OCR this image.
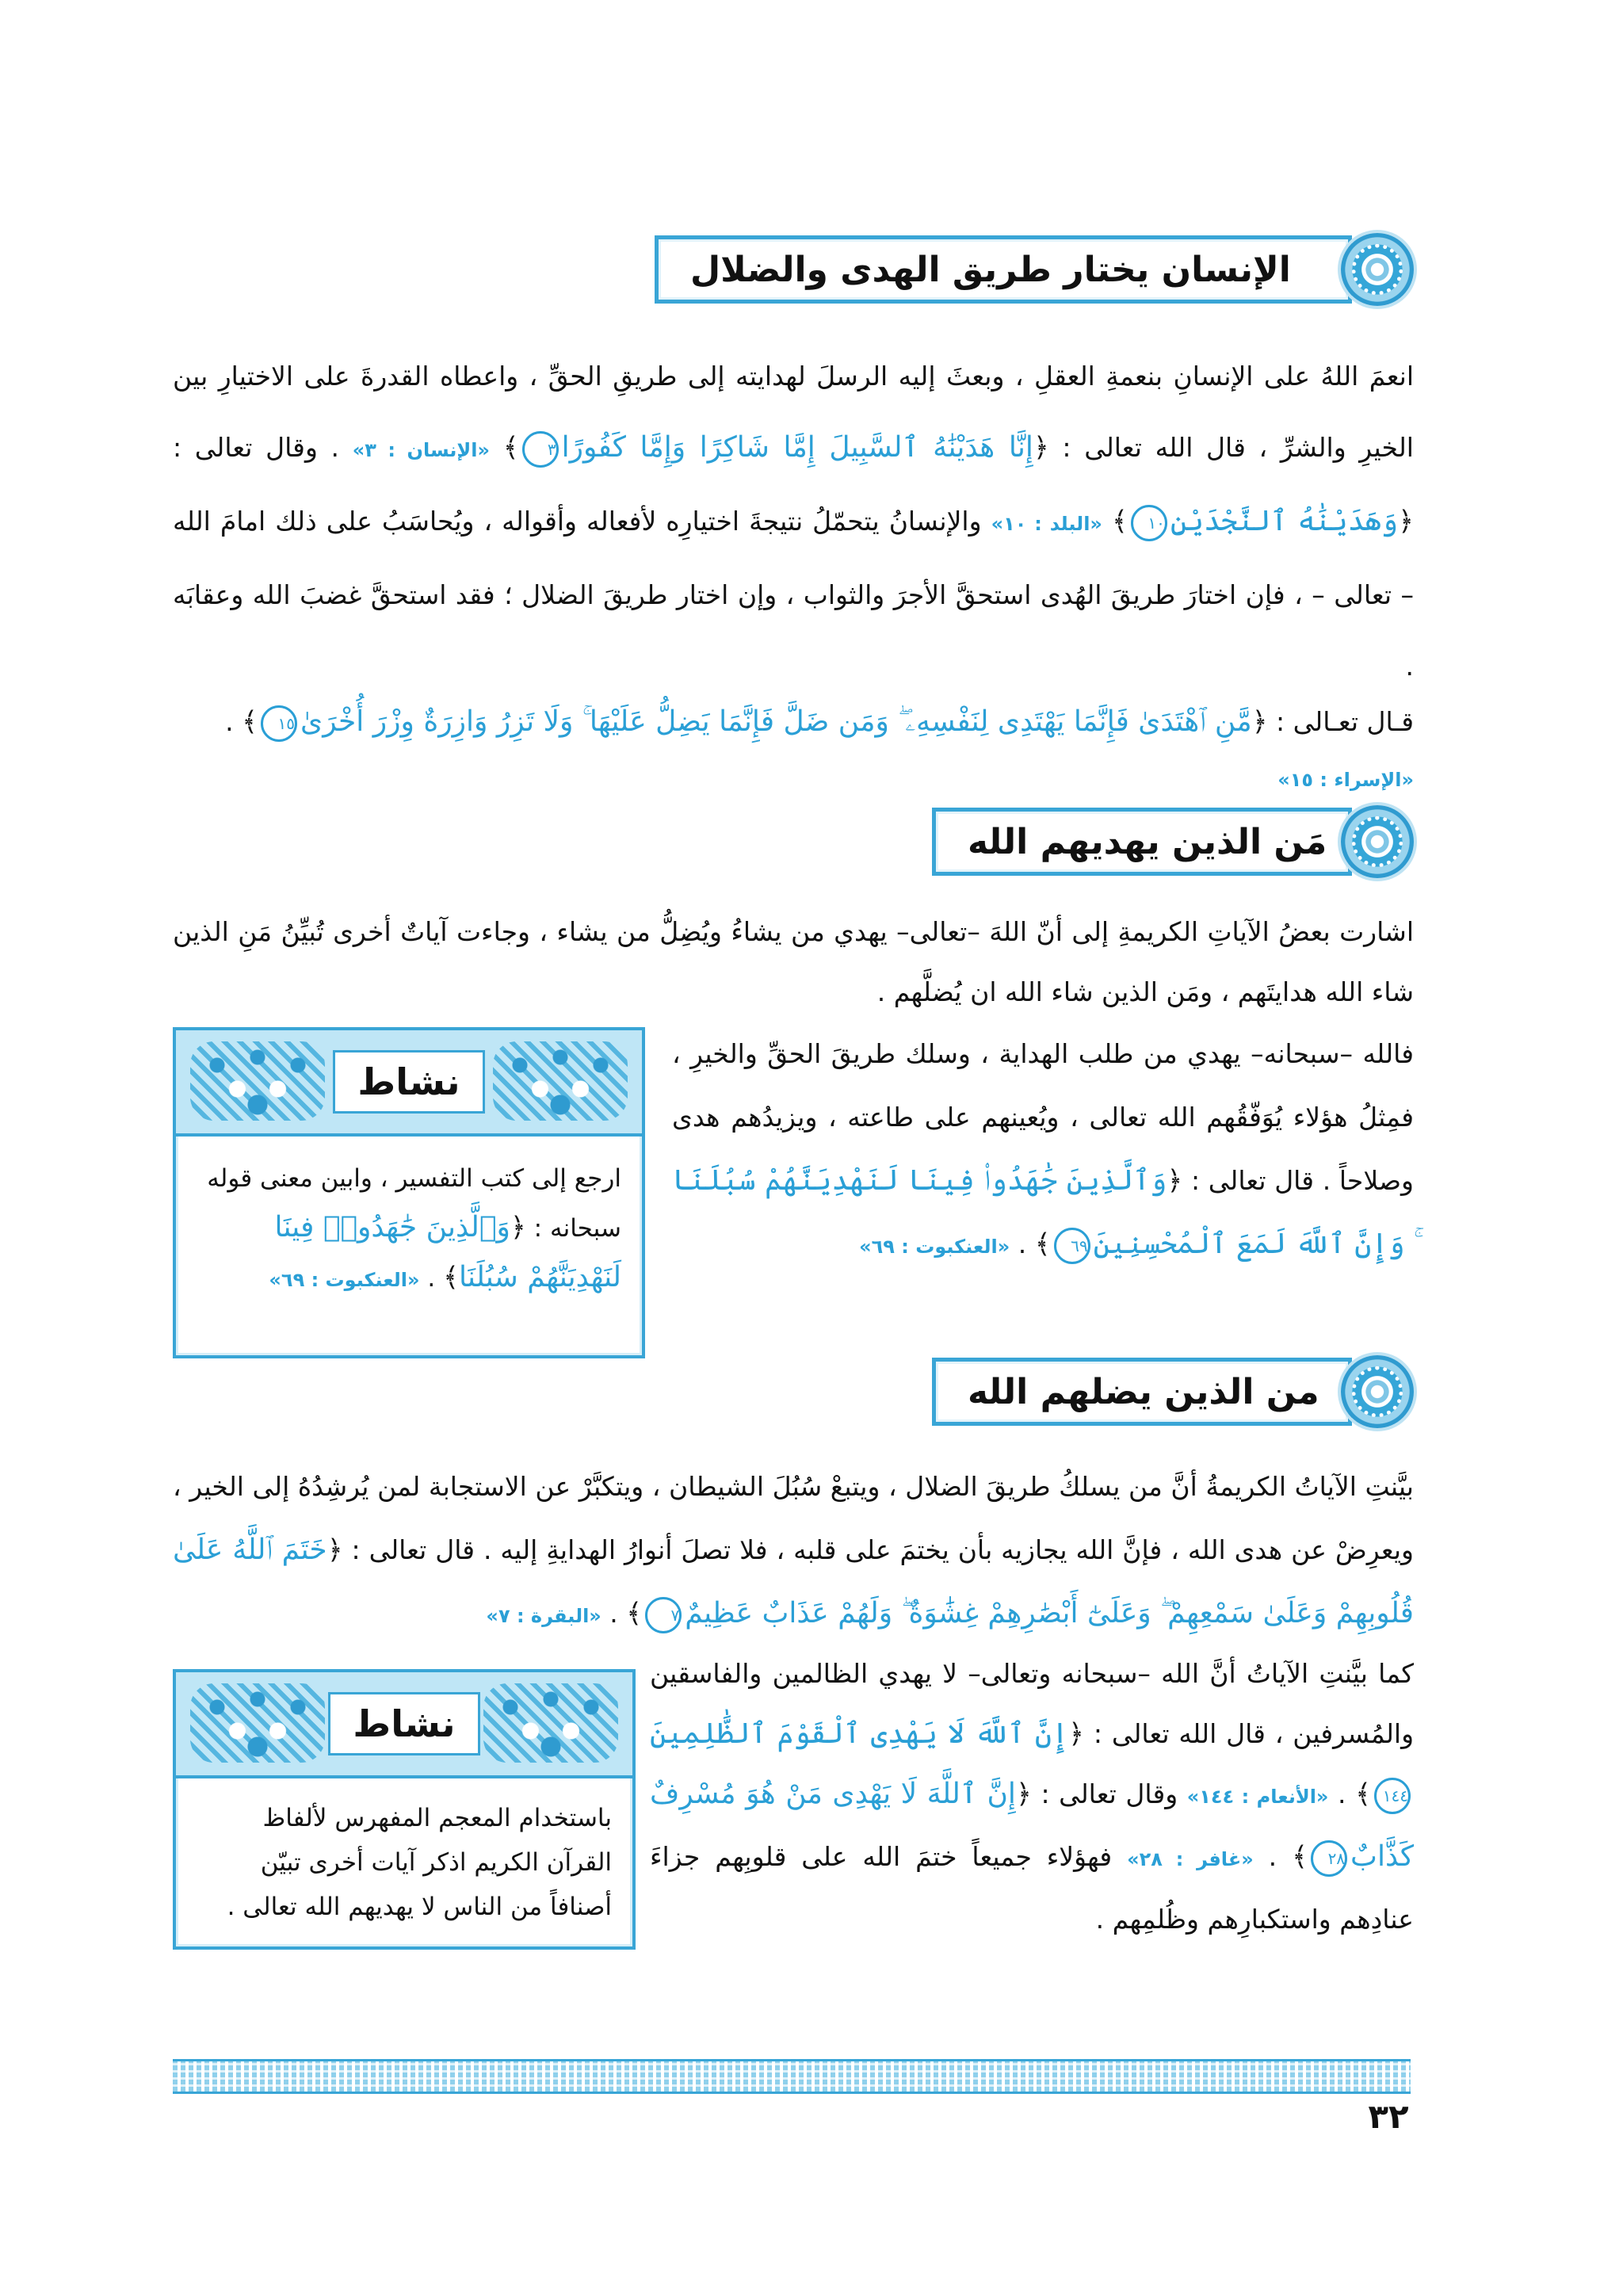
الإنسان يختار طريق الهدى والضلال
انعمَ اللهُ على الإنسانِ بنعمةِ العقلِ ، وبعثَ إليه الرسلَ لهدايته إلى طريقِ الحقِّ ، واعطاه القدرةَ على الاختيارِ بين الخيرِ والشرِّ ، قال الله تعالى : ﴿إِنَّا هَدَيْنَٰهُ ٱلسَّبِيلَ إِمَّا شَاكِرًا وَإِمَّا كَفُورًا٣﴾ «الإنسان : ٣» . وقال تعالى : ﴿وَهَدَيْنَٰهُ ٱلنَّجْدَيْنِ١٠﴾ «البلد : ١٠» والإنسانُ يتحمّلُ نتيجةَ اختيارِه لأفعاله وأقواله ، ويُحاسَبُ على ذلك امامَ الله – تعالى – ، فإن اختارَ طريقَ الهُدى استحقَّ الأجرَ والثواب ، وإن اختار طريقَ الضلال ؛ فقد استحقَّ غضبَ الله وعقابَه .
قـال تعـالى : ﴿مَّنِ ٱهْتَدَىٰ فَإِنَّمَا يَهْتَدِى لِنَفْسِهِۦ ۖ وَمَن ضَلَّ فَإِنَّمَا يَضِلُّ عَلَيْهَا ۚ وَلَا تَزِرُ وَازِرَةٌ وِزْرَ أُخْرَىٰ١٥﴾ .
«الإسراء : ١٥»
مَن الذين يهديهم الله
اشارت بعضُ الآياتِ الكريمةِ إلى أنّ اللهَ –تعالى– يهدي من يشاءُ ويُضِلُّ من يشاء ، وجاءت آياتٌ أخرى تُبيِّنُ مَنِ الذين شاء الله هدايتَهم ، ومَن الذين شاء الله ان يُضلَّهم .
فالله –سبحانه– يهدي من طلب الهداية ، وسلك طريقَ الحقِّ والخيرِ ، فمِثلُ هؤلاء يُوَفّقُهم الله تعالى ، ويُعينهم على طاعته ، ويزيدُهم هدى وصلاحاً . قال تعالى : ﴿وَٱلَّذِينَ جَٰهَدُوا۟ فِينَا لَنَهْدِيَنَّهُمْ سُبُلَنَا ۚ وَإِنَّ ٱللَّهَ لَمَعَ ٱلْمُحْسِنِينَ٦٩﴾ . «العنكبوت : ٦٩»
نشاط
ارجع إلى كتب التفسير ، وابين معنى قوله سبحانه : ﴿وَٱلَّذِينَ جَٰهَدُوا۟ فِينَا لَنَهْدِيَنَّهُمْ سُبُلَنَا﴾ . «العنكبوت : ٦٩»
من الذين يضلهم الله
بيَّنتِ الآياتُ الكريمةُ أنَّ من يسلكُ طريقَ الضلال ، ويتبعْ سُبُلَ الشيطان ، ويتكبَّرْ عن الاستجابة لمن يُرشِدُهُ إلى الخير ، ويعرِضْ عن هدى الله ، فإنَّ الله يجازيه بأن يختمَ على قلبه ، فلا تصلَ أنوارُ الهدايةِ إليه . قال تعالى : ﴿خَتَمَ ٱللَّهُ عَلَىٰ قُلُوبِهِمْ وَعَلَىٰ سَمْعِهِمْ ۖ وَعَلَىٰٓ أَبْصَٰرِهِمْ غِشَٰوَةٌ ۖ وَلَهُمْ عَذَابٌ عَظِيمٌ٧﴾ . «البقرة : ٧»
كما بيَّنتِ الآياتُ أنَّ الله –سبحانه وتعالى– لا يهدي الظالمين والفاسقين والمُسرفين ، قال الله تعالى : ﴿إِنَّ ٱللَّهَ لَا يَهْدِى ٱلْقَوْمَ ٱلظَّٰلِمِينَ١٤٤﴾ . «الأنعام : ١٤٤» وقال تعالى : ﴿إِنَّ ٱللَّهَ لَا يَهْدِى مَنْ هُوَ مُسْرِفٌ كَذَّابٌ٢٨﴾ . «غافر : ٢٨» فهؤلاء جميعاً ختمَ الله على قلوبِهم جزاءَ عنادِهم واستكبارِهم وظُلمِهم .
نشاط
باستخدام المعجم المفهرس لألفاظ القرآن الكريم اذكر آيات أخرى تبيّن أصنافاً من الناس لا يهديهم الله تعالى .
٣٢
